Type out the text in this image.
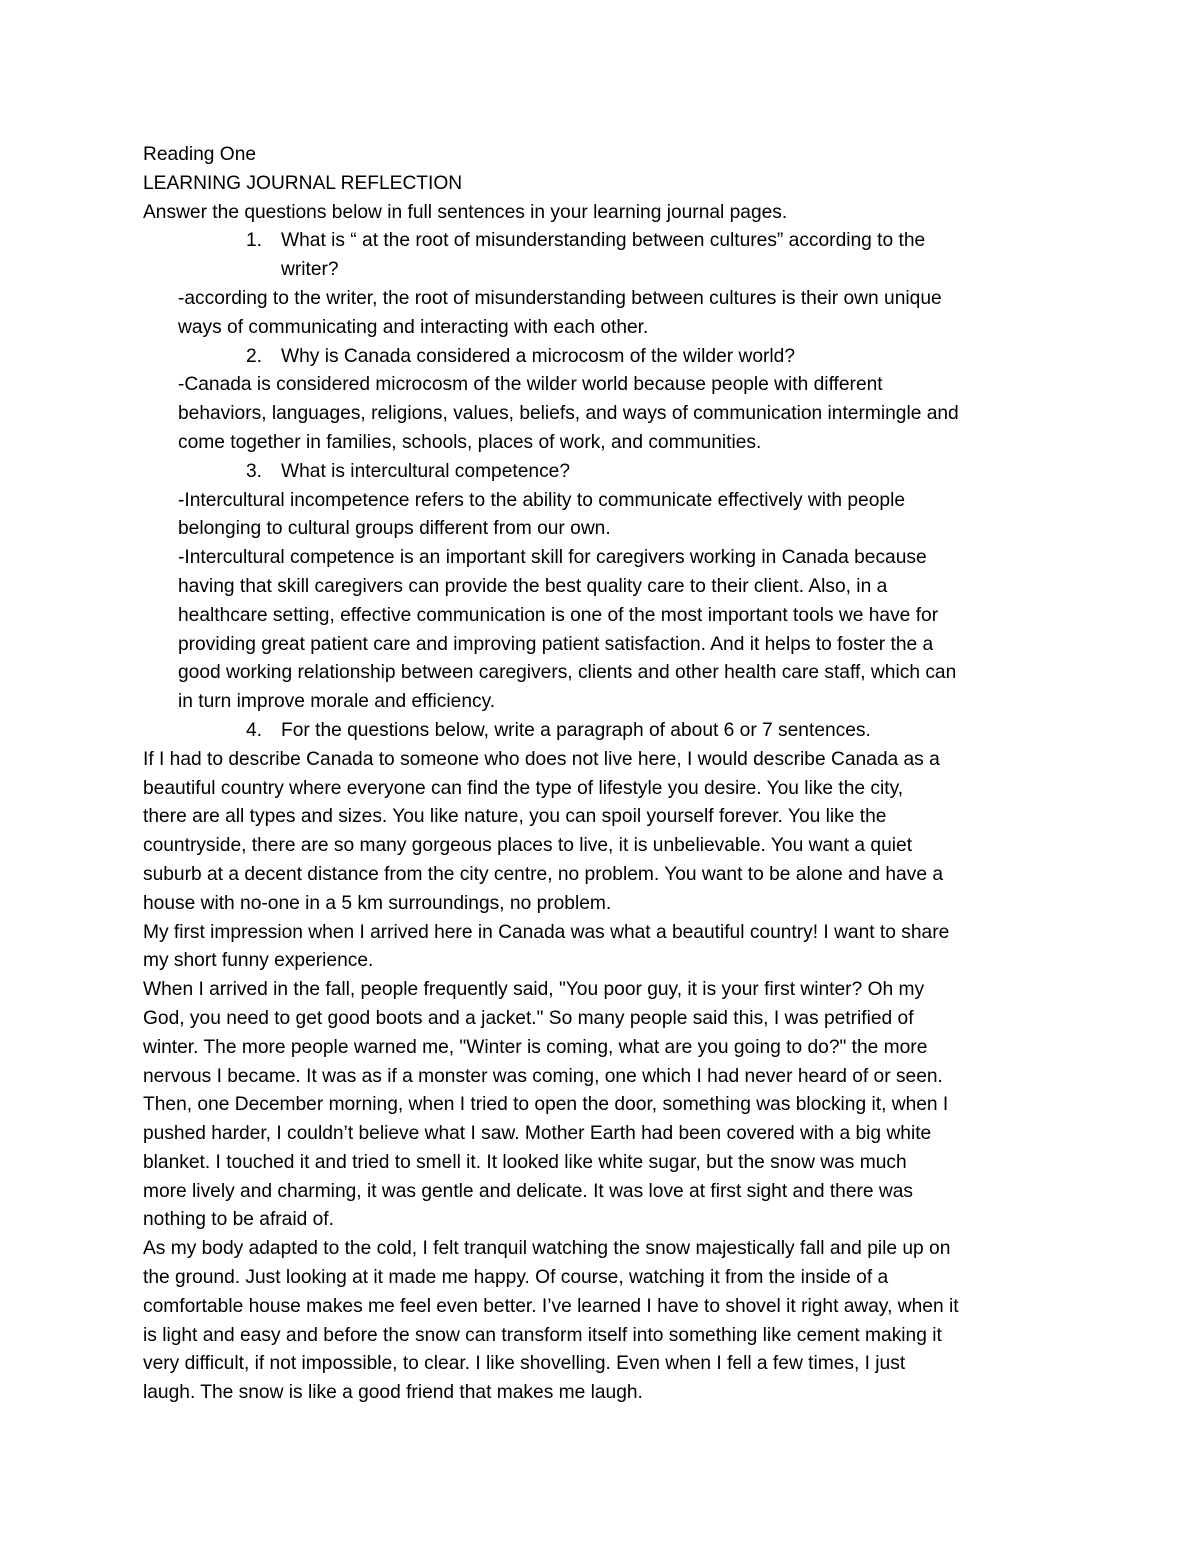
Reading One
LEARNING JOURNAL REFLECTION
Answer the questions below in full sentences in your learning journal pages.
1. What is “ at the root of misunderstanding between cultures” according to the
writer?
-according to the writer, the root of misunderstanding between cultures is their own unique
ways of communicating and interacting with each other.
2. Why is Canada considered a microcosm of the wilder world?
-Canada is considered microcosm of the wilder world because people with different
behaviors, languages, religions, values, beliefs, and ways of communication intermingle and
come together in families, schools, places of work, and communities.
3. What is intercultural competence?
-Intercultural incompetence refers to the ability to communicate effectively with people
belonging to cultural groups different from our own.
-Intercultural competence is an important skill for caregivers working in Canada because
having that skill caregivers can provide the best quality care to their client. Also, in a
healthcare setting, effective communication is one of the most important tools we have for
providing great patient care and improving patient satisfaction. And it helps to foster the a
good working relationship between caregivers, clients and other health care staff, which can
in turn improve morale and efficiency.
4. For the questions below, write a paragraph of about 6 or 7 sentences.
If I had to describe Canada to someone who does not live here, I would describe Canada as a
beautiful country where everyone can find the type of lifestyle you desire. You like the city,
there are all types and sizes. You like nature, you can spoil yourself forever. You like the
countryside, there are so many gorgeous places to live, it is unbelievable. You want a quiet
suburb at a decent distance from the city centre, no problem. You want to be alone and have a
house with no-one in a 5 km surroundings, no problem.
My first impression when I arrived here in Canada was what a beautiful country! I want to share
my short funny experience.
When I arrived in the fall, people frequently said, "You poor guy, it is your first winter? Oh my
God, you need to get good boots and a jacket." So many people said this, I was petrified of
winter. The more people warned me, "Winter is coming, what are you going to do?" the more
nervous I became. It was as if a monster was coming, one which I had never heard of or seen.
Then, one December morning, when I tried to open the door, something was blocking it, when I
pushed harder, I couldn’t believe what I saw. Mother Earth had been covered with a big white
blanket. I touched it and tried to smell it. It looked like white sugar, but the snow was much
more lively and charming, it was gentle and delicate. It was love at first sight and there was
nothing to be afraid of.
As my body adapted to the cold, I felt tranquil watching the snow majestically fall and pile up on
the ground. Just looking at it made me happy. Of course, watching it from the inside of a
comfortable house makes me feel even better. I’ve learned I have to shovel it right away, when it
is light and easy and before the snow can transform itself into something like cement making it
very difficult, if not impossible, to clear. I like shovelling. Even when I fell a few times, I just
laugh. The snow is like a good friend that makes me laugh.
